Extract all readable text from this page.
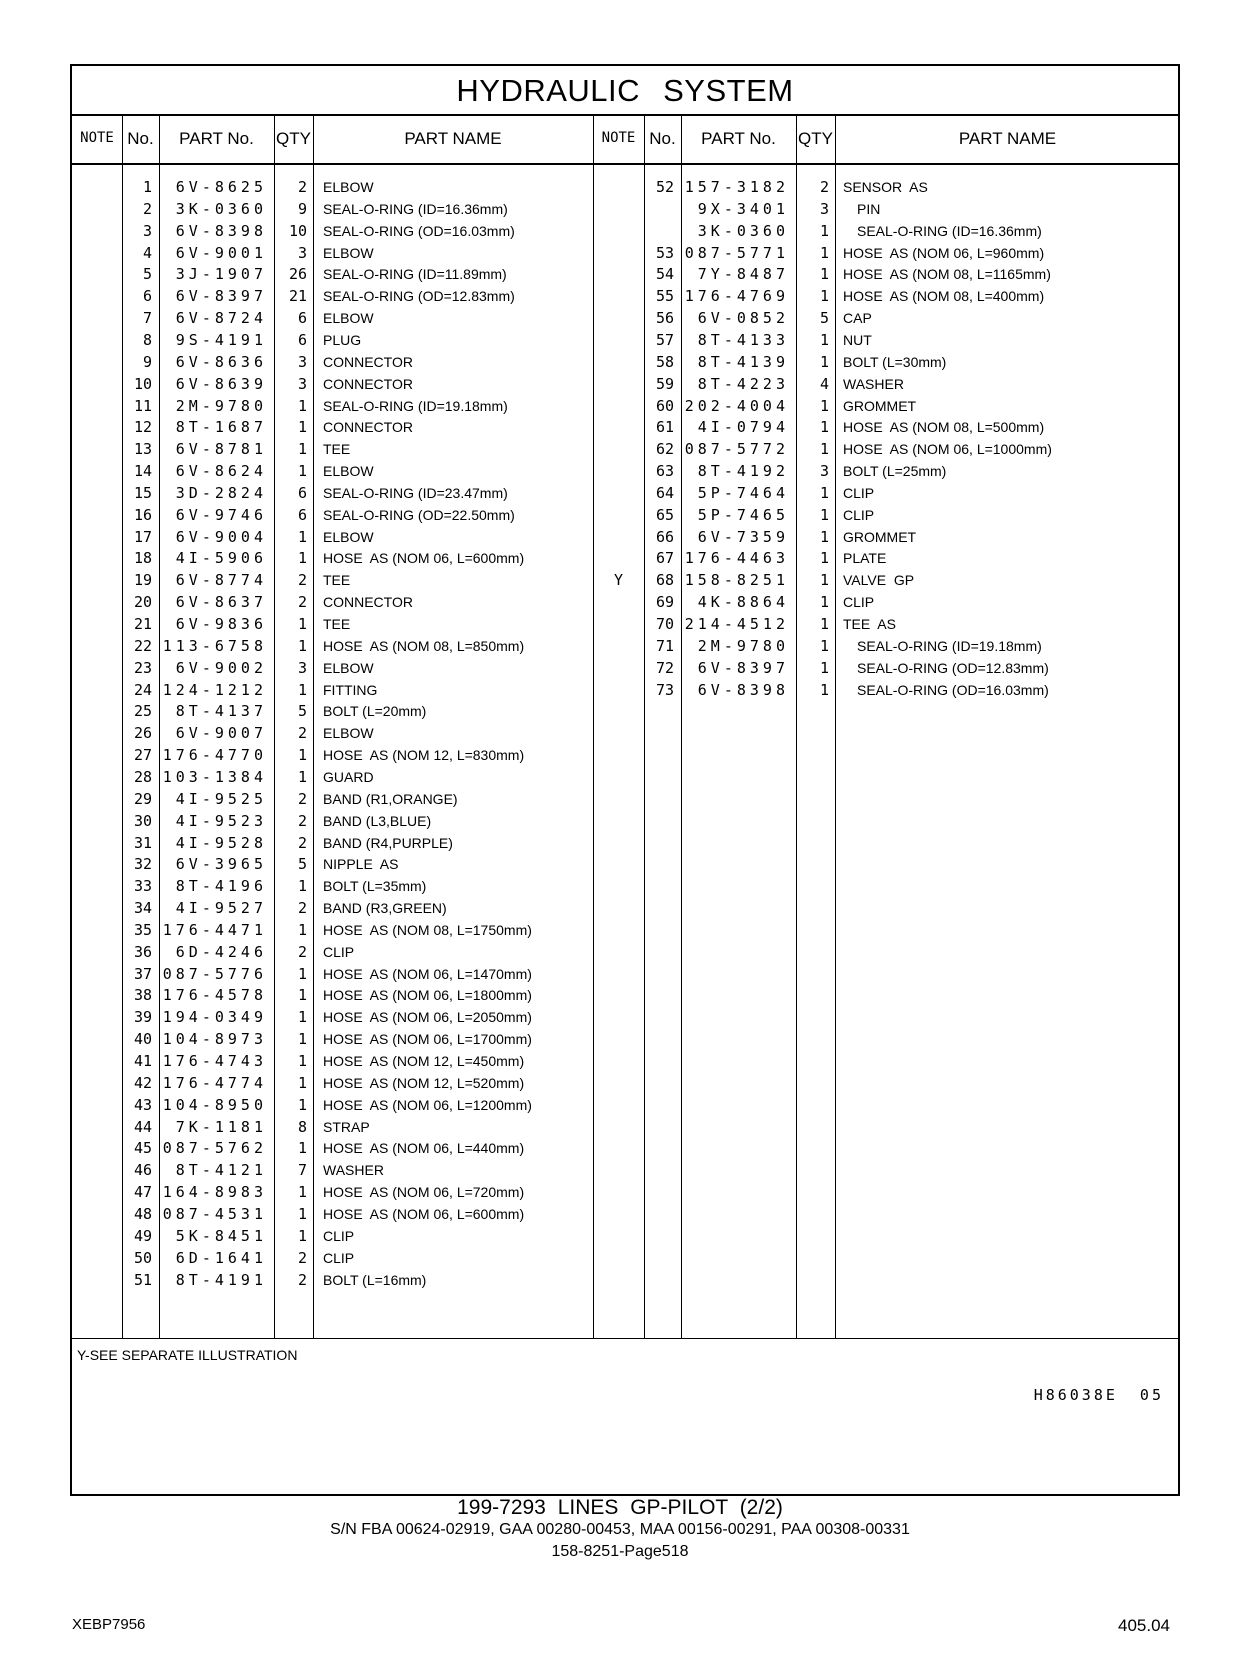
HYDRAULIC SYSTEM
NOTE No.	PART No.	QTY	PART NAME	NOTE No.	PART No.	QTY	PART NAME
1	6V-8625	2 ELBOW
2	3K-0360	9 SEAL-O-RING (ID=16.36mm)
3	6V-8398	10 SEAL-O-RING (OD=16.03mm)
4	6V-9001	3 ELBOW
5	3J-1907	26 SEAL-O-RING (ID=11.89mm)
6	6V-8397	21 SEAL-O-RING (OD=12.83mm)
7	6V-8724	6 ELBOW
8	9S-4191	6 PLUG
9	6V-8636	3 CONNECTOR
10	6V-8639	3 CONNECTOR
11	2M-9780	1 SEAL-O-RING (ID=19.18mm)
12	8T-1687	1 CONNECTOR
13	6V-8781	1 TEE
14	6V-8624	1 ELBOW
15	3D-2824	6 SEAL-O-RING (ID=23.47mm)
16	6V-9746	6 SEAL-O-RING (OD=22.50mm)
17	6V-9004	1 ELBOW
18	4I-5906	1 HOSE  AS (NOM 06, L=600mm)
19	6V-8774	2 TEE
20	6V-8637	2 CONNECTOR
21	6V-9836	1 TEE
22 113-6758	1 HOSE  AS (NOM 08, L=850mm)
23	6V-9002	3 ELBOW
24 124-1212	1 FITTING
25	8T-4137	5 BOLT (L=20mm)
26	6V-9007	2 ELBOW
27 176-4770	1 HOSE  AS (NOM 12, L=830mm)
28 103-1384	1 GUARD
29	4I-9525	2 BAND (R1,ORANGE)
30	4I-9523	2 BAND (L3,BLUE)
31	4I-9528	2 BAND (R4,PURPLE)
32	6V-3965	5 NIPPLE  AS
33	8T-4196	1 BOLT (L=35mm)
34	4I-9527	2 BAND (R3,GREEN)
35 176-4471	1 HOSE  AS (NOM 08, L=1750mm)
36	6D-4246	2 CLIP
37 087-5776	1 HOSE  AS (NOM 06, L=1470mm)
38 176-4578	1 HOSE  AS (NOM 06, L=1800mm)
39 194-0349	1 HOSE  AS (NOM 06, L=2050mm)
40 104-8973	1 HOSE  AS (NOM 06, L=1700mm)
41 176-4743	1 HOSE  AS (NOM 12, L=450mm)
42 176-4774	1 HOSE  AS (NOM 12, L=520mm)
43 104-8950	1 HOSE  AS (NOM 06, L=1200mm)
44	7K-1181	8 STRAP
45 087-5762	1 HOSE  AS (NOM 06, L=440mm)
46	8T-4121	7 WASHER
47 164-8983	1 HOSE  AS (NOM 06, L=720mm)
48 087-4531	1 HOSE  AS (NOM 06, L=600mm)
49	5K-8451	1 CLIP
50	6D-1641	2 CLIP
51	8T-4191	2 BOLT (L=16mm)
52 157-3182	2 SENSOR  AS
9X-3401	3	PIN
3K-0360	1	SEAL-O-RING (ID=16.36mm)
53 087-5771	1 HOSE  AS (NOM 06, L=960mm)
54	7Y-8487	1 HOSE  AS (NOM 08, L=1165mm)
55 176-4769	1 HOSE  AS (NOM 08, L=400mm)
56	6V-0852	5 CAP
57	8T-4133	1 NUT
58	8T-4139	1 BOLT (L=30mm)
59	8T-4223	4 WASHER
60 202-4004	1 GROMMET
61	4I-0794	1 HOSE  AS (NOM 08, L=500mm)
62 087-5772	1 HOSE  AS (NOM 06, L=1000mm)
63	8T-4192	3 BOLT (L=25mm)
64	5P-7464	1 CLIP
65	5P-7465	1 CLIP
66	6V-7359	1 GROMMET
67 176-4463	1 PLATE
Y	68 158-8251	1 VALVE  GP
69	4K-8864	1 CLIP
70 214-4512	1 TEE  AS
71	2M-9780	1	SEAL-O-RING (ID=19.18mm)
72	6V-8397	1	SEAL-O-RING (OD=12.83mm)
73	6V-8398	1	SEAL-O-RING (OD=16.03mm)
Y-SEE SEPARATE ILLUSTRATION
H86038E 05
199-7293 LINES GP-PILOT (2/2)
S/N FBA 00624-02919, GAA 00280-00453, MAA 00156-00291, PAA 00308-00331
158-8251-Page518
XEBP7956	405.04
